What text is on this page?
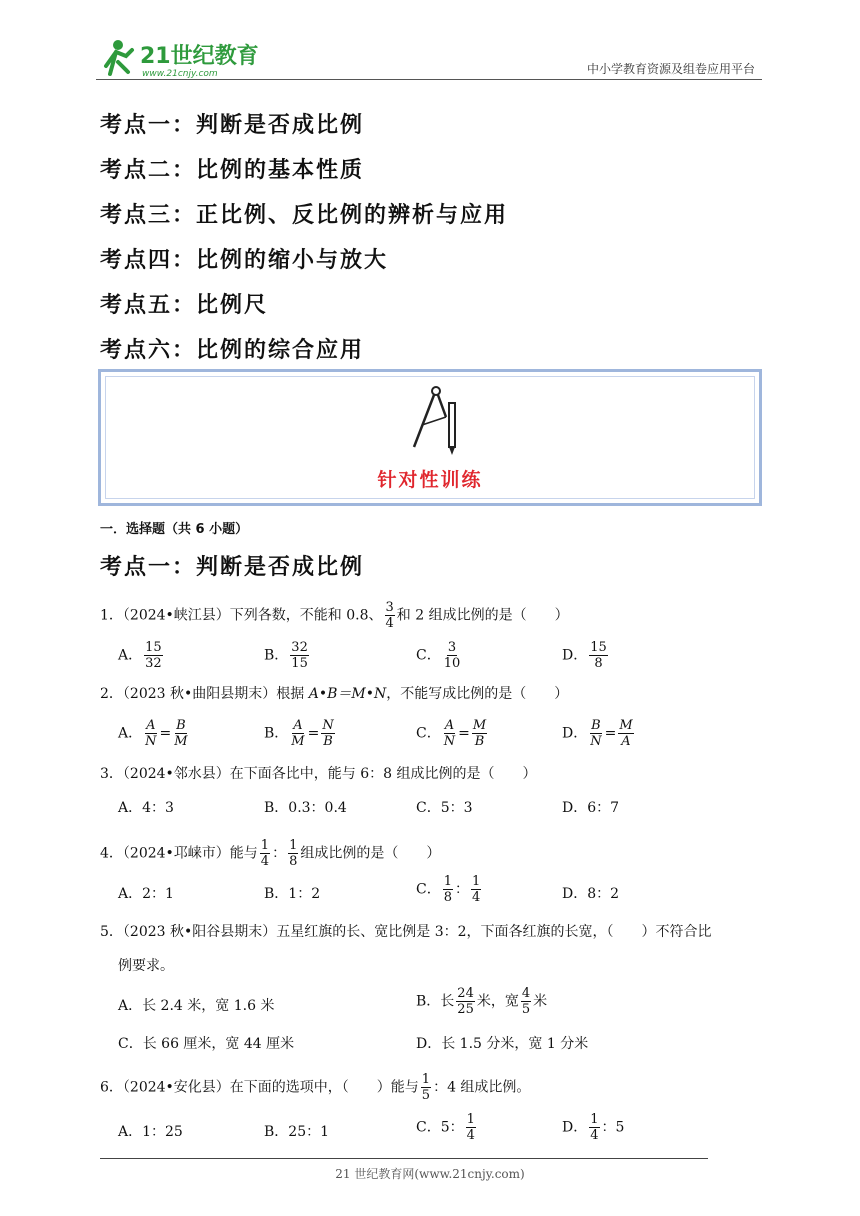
21世纪教育
www.21cnjy.com	中小学教育资源及组卷应用平台
考点一：判断是否成比例
考点二：比例的基本性质
考点三：正比例、反比例的辨析与应用
考点四：比例的缩小与放大
考点五：比例尺
考点六：比例的综合应用
针对性训练
一．选择题（共 6 小题）
考点一：判断是否成比例
1．（2024•峡江县）下列各数，不能和 0.8、 $\frac{3}{4}$ 和 2 组成比例的是（　　）
A． $\frac{15}{32}$	B． $\frac{32}{15}$	C． $\frac{3}{10}$	D． $\frac{15}{8}$
2．（2023 秋•曲阳县期末）根据 A•B＝M•N，不能写成比例的是（　　）
A． $\frac{A}{N} = \frac{B}{M}$	B． $\frac{A}{M} = \frac{N}{B}$	C． $\frac{A}{N} = \frac{M}{B}$	D． $\frac{B}{N} = \frac{M}{A}$
3．（2024•邻水县）在下面各比中，能与 6：8 组成比例的是（　　）
A．4：3	B．0.3：0.4	C．5：3	D．6：7
4．（2024•邛崃市）能与 $\frac{1}{4}$ ： $\frac{1}{8}$ 组成比例的是（　　）
A．2：1	B．1：2	C． $\frac{1}{8}$ ： $\frac{1}{4}$	D．8：2
5．（2023 秋•阳谷县期末）五星红旗的长、宽比例是 3：2，下面各红旗的长宽，（　　）不符合比
例要求。
A．长 2.4 米，宽 1.6 米	B．长 $\frac{24}{25}$ 米，宽 $\frac{4}{5}$ 米
C．长 66 厘米，宽 44 厘米	D．长 1.5 分米，宽 1 分米
6．（2024•安化县）在下面的选项中，（　　）能与 $\frac{1}{5}$ ：4 组成比例。
A．1：25	B．25：1	C．5： $\frac{1}{4}$	D． $\frac{1}{4}$ ：5
21 世纪教育网(www.21cnjy.com)
